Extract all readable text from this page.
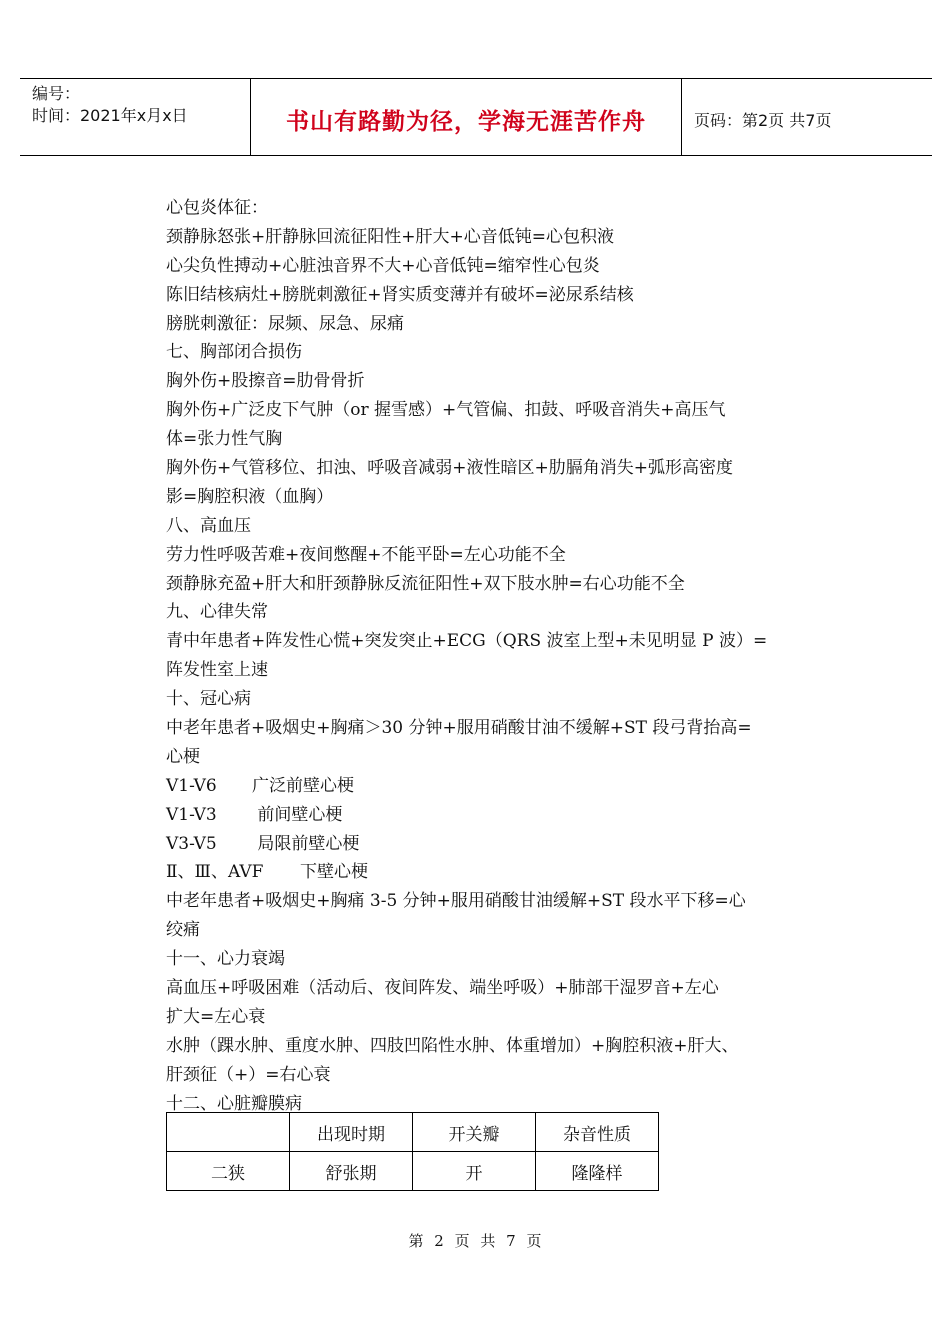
编号：
时间：2021年x月x日	书山有路勤为径，学海无涯苦作舟	页码：第2页 共7页
心包炎体征：
颈静脉怒张+肝静脉回流征阳性+肝大+心音低钝=心包积液
心尖负性搏动+心脏浊音界不大+心音低钝=缩窄性心包炎
陈旧结核病灶+膀胱刺激征+肾实质变薄并有破坏=泌尿系结核
膀胱刺激征：尿频、尿急、尿痛
七、胸部闭合损伤
胸外伤+股擦音=肋骨骨折
胸外伤+广泛皮下气肿（or 握雪感）+气管偏、扣鼓、呼吸音消失+高压气
体=张力性气胸
胸外伤+气管移位、扣浊、呼吸音减弱+液性暗区+肋膈角消失+弧形高密度
影=胸腔积液（血胸）
八、高血压
劳力性呼吸苦难+夜间憋醒+不能平卧=左心功能不全
颈静脉充盈+肝大和肝颈静脉反流征阳性+双下肢水肿=右心功能不全
九、心律失常
青中年患者+阵发性心慌+突发突止+ECG（QRS 波室上型+未见明显 P 波）=
阵发性室上速
十、冠心病
中老年患者+吸烟史+胸痛＞30 分钟+服用硝酸甘油不缓解+ST 段弓背抬高=
心梗
V1-V6 广泛前壁心梗
V1-V3 前间壁心梗
V3-V5 局限前壁心梗
Ⅱ、Ⅲ、AVF 下壁心梗
中老年患者+吸烟史+胸痛 3-5 分钟+服用硝酸甘油缓解+ST 段水平下移=心
绞痛
十一、心力衰竭
高血压+呼吸困难（活动后、夜间阵发、端坐呼吸）+肺部干湿罗音+左心
扩大=左心衰
水肿（踝水肿、重度水肿、四肢凹陷性水肿、体重增加）+胸腔积液+肝大、
肝颈征（+）=右心衰
十二、心脏瓣膜病
	出现时期	开关瓣	杂音性质
二狭	舒张期	开	隆隆样
第 2 页 共 7 页
